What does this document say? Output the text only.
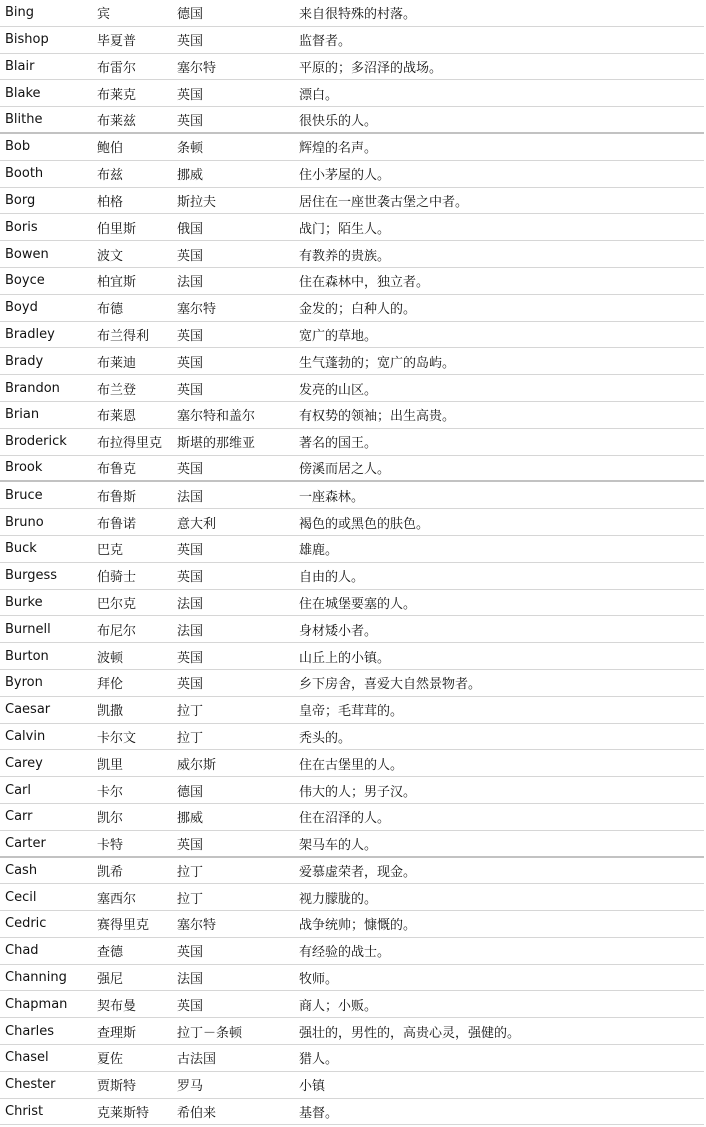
Bing	宾	德国	来自很特殊的村落。
Bishop	毕夏普	英国	监督者。
Blair	布雷尔	塞尔特	平原的；多沼泽的战场。
Blake	布莱克	英国	漂白。
Blithe	布莱兹	英国	很快乐的人。
Bob	鲍伯	条顿	辉煌的名声。
Booth	布兹	挪威	住小茅屋的人。
Borg	柏格	斯拉夫	居住在一座世袭古堡之中者。
Boris	伯里斯	俄国	战门；陌生人。
Bowen	波文	英国	有教养的贵族。
Boyce	柏宜斯	法国	住在森林中，独立者。
Boyd	布德	塞尔特	金发的；白种人的。
Bradley	布兰得利	英国	宽广的草地。
Brady	布莱迪	英国	生气蓬勃的；宽广的岛屿。
Brandon	布兰登	英国	发亮的山区。
Brian	布莱恩	塞尔特和盖尔	有权势的领袖；出生高贵。
Broderick	布拉得里克	斯堪的那维亚	著名的国王。
Brook	布鲁克	英国	傍溪而居之人。
Bruce	布鲁斯	法国	一座森林。
Bruno	布鲁诺	意大利	褐色的或黑色的肤色。
Buck	巴克	英国	雄鹿。
Burgess	伯骑士	英国	自由的人。
Burke	巴尔克	法国	住在城堡要塞的人。
Burnell	布尼尔	法国	身材矮小者。
Burton	波顿	英国	山丘上的小镇。
Byron	拜伦	英国	乡下房舍，喜爱大自然景物者。
Caesar	凯撒	拉丁	皇帝；毛茸茸的。
Calvin	卡尔文	拉丁	秃头的。
Carey	凯里	威尔斯	住在古堡里的人。
Carl	卡尔	德国	伟大的人；男子汉。
Carr	凯尔	挪威	住在沼泽的人。
Carter	卡特	英国	架马车的人。
Cash	凯希	拉丁	爱慕虚荣者，现金。
Cecil	塞西尔	拉丁	视力朦胧的。
Cedric	赛得里克	塞尔特	战争统帅；慷慨的。
Chad	查德	英国	有经验的战士。
Channing	强尼	法国	牧师。
Chapman	契布曼	英国	商人；小贩。
Charles	查理斯	拉丁－条顿	强壮的，男性的，高贵心灵，强健的。
Chasel	夏佐	古法国	猎人。
Chester	贾斯特	罗马	小镇
Christ	克莱斯特	希伯来	基督。
